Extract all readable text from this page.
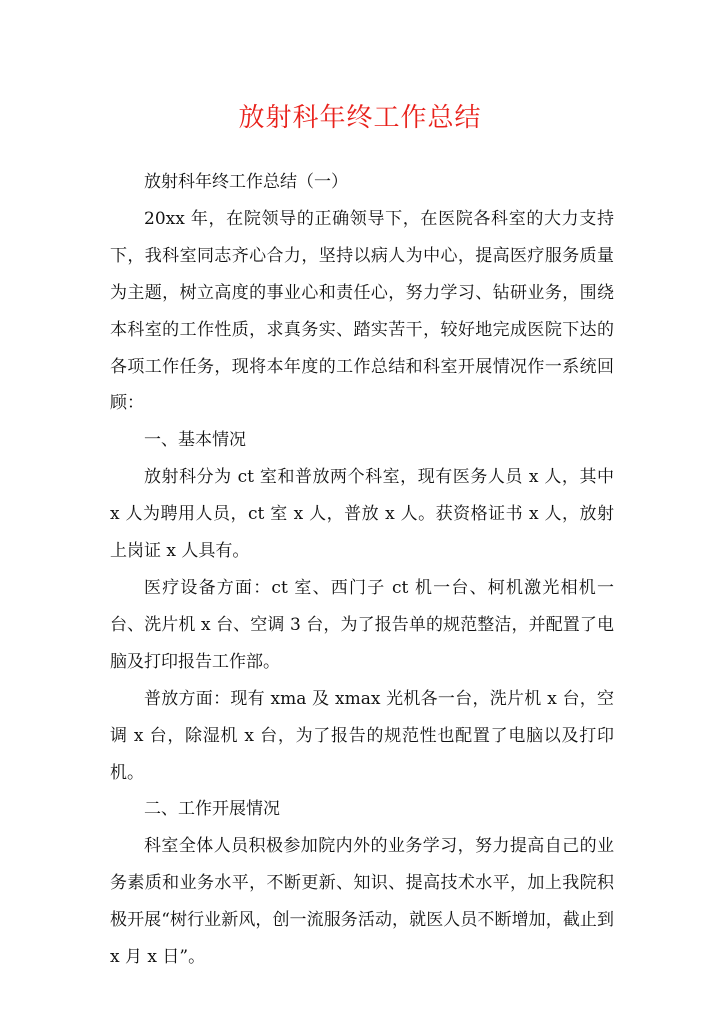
放射科年终工作总结

放射科年终工作总结（一）

20xx 年，在院领导的正确领导下，在医院各科室的大力支持下，我科室同志齐心合力，坚持以病人为中心，提高医疗服务质量为主题，树立高度的事业心和责任心，努力学习、钻研业务，围绕本科室的工作性质，求真务实、踏实苦干，较好地完成医院下达的各项工作任务，现将本年度的工作总结和科室开展情况作一系统回顾：

一、基本情况

放射科分为 ct 室和普放两个科室，现有医务人员 x 人，其中 x 人为聘用人员，ct 室 x 人，普放 x 人。获资格证书 x 人，放射上岗证 x 人具有。

医疗设备方面：ct 室、西门子 ct 机一台、柯机激光相机一台、洗片机 x 台、空调 3 台，为了报告单的规范整洁，并配置了电脑及打印报告工作部。

普放方面：现有 xma 及 xmax 光机各一台，洗片机 x 台，空调 x 台，除湿机 x 台，为了报告的规范性也配置了电脑以及打印机。

二、工作开展情况

科室全体人员积极参加院内外的业务学习，努力提高自己的业务素质和业务水平，不断更新、知识、提高技术水平，加上我院积极开展“树行业新风，创一流服务活动，就医人员不断增加，截止到 x 月 x 日”。
